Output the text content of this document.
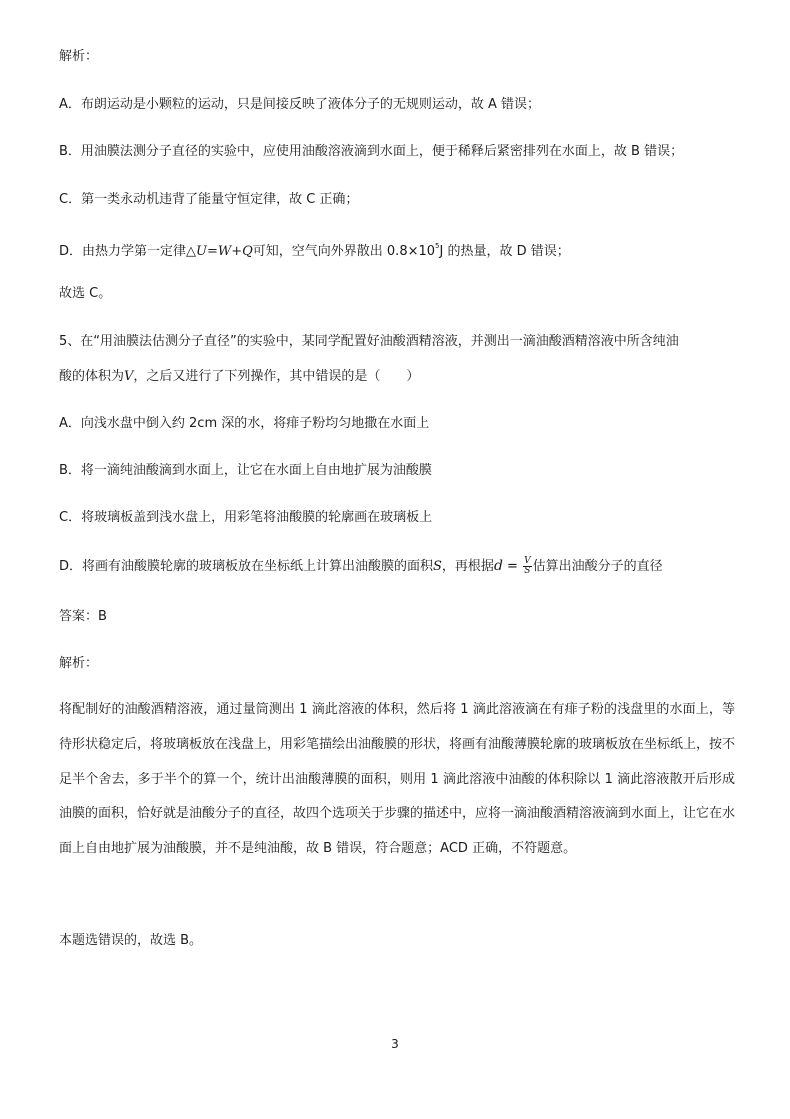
解析：
A．布朗运动是小颗粒的运动，只是间接反映了液体分子的无规则运动，故 A 错误；
B．用油膜法测分子直径的实验中，应使用油酸溶液滴到水面上，便于稀释后紧密排列在水面上，故 B 错误；
C．第一类永动机违背了能量守恒定律，故 C 正确；
D．由热力学第一定律△U=W+Q可知，空气向外界散出 $0.8\times 10^5J$ 的热量，故 D 错误；
故选 C。
5、在“用油膜法估测分子直径”的实验中，某同学配置好油酸酒精溶液，并测出一滴油酸酒精溶液中所含纯油
酸的体积为V，之后又进行了下列操作，其中错误的是（　　）
A．向浅水盘中倒入约 2cm 深的水，将痱子粉均匀地撒在水面上
B．将一滴纯油酸滴到水面上，让它在水面上自由地扩展为油酸膜
C．将玻璃板盖到浅水盘上，用彩笔将油酸膜的轮廓画在玻璃板上
D．将画有油酸膜轮廓的玻璃板放在坐标纸上计算出油酸膜的面积S，再根据$d = \frac{V}{S}$ 估算出油酸分子的直径
答案：B
解析：
将配制好的油酸酒精溶液，通过量筒测出 1 滴此溶液的体积，然后将 1 滴此溶液滴在有痱子粉的浅盘里的水面上，等待形状稳定后，将玻璃板放在浅盘上，用彩笔描绘出油酸膜的形状，将画有油酸薄膜轮廓的玻璃板放在坐标纸上，按不足半个舍去，多于半个的算一个，统计出油酸薄膜的面积，则用 1 滴此溶液中油酸的体积除以 1 滴此溶液散开后形成油膜的面积，恰好就是油酸分子的直径，故四个选项关于步骤的描述中，应将一滴油酸酒精溶液滴到水面上，让它在水面上自由地扩展为油酸膜，并不是纯油酸，故 B 错误，符合题意；ACD 正确，不符题意。
本题选错误的，故选 B。
3
